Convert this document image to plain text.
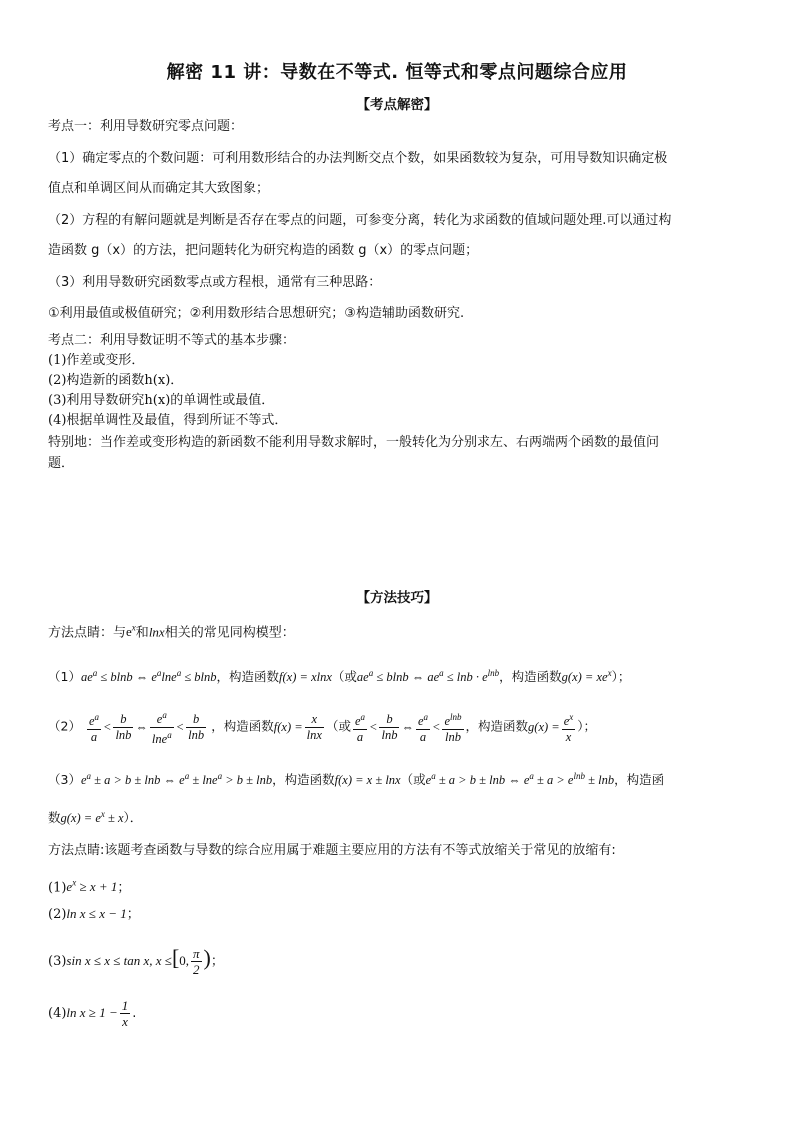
解密 11 讲：导数在不等式. 恒等式和零点问题综合应用
【考点解密】
考点一：利用导数研究零点问题：
（1）确定零点的个数问题：可利用数形结合的办法判断交点个数，如果函数较为复杂，可用导数知识确定极
值点和单调区间从而确定其大致图象；
（2）方程的有解问题就是判断是否存在零点的问题，可参变分离，转化为求函数的值域问题处理.可以通过构
造函数 g（x）的方法，把问题转化为研究构造的函数 g（x）的零点问题；
（3）利用导数研究函数零点或方程根，通常有三种思路：
①利用最值或极值研究；②利用数形结合思想研究；③构造辅助函数研究.
考点二：利用导数证明不等式的基本步骤：
(1)作差或变形．
(2)构造新的函数h(x)．
(3)利用导数研究h(x)的单调性或最值．
(4)根据单调性及最值，得到所证不等式．
特别地：当作差或变形构造的新函数不能利用导数求解时，一般转化为分别求左、右两端两个函数的最值问
题．
【方法技巧】
方法点睛：与$e^x$和lnx相关的常见同构模型：
$(1)ae^a \le blnb$ ⇔ $e^a\ln e^a \le blnb$，构造函数f(x) = xlnx（或$ae^a \le blnb$ ⇔ $ae^a \le \ln b \cdot e^{lnb}$，构造函数$g(x) = xe^x$）；
$(2) \frac{e^a}{a} < \frac{b}{\ln b}$ ⇔ $\frac{e^a}{\ln e^a} < \frac{b}{\ln b}$ ，构造函数$f(x) = \frac{x}{\ln x}$ （或 $\frac{e^a}{a} < \frac{b}{\ln b}$ ⇔ $\frac{e^a}{a} < \frac{e^{lnb}}{\ln b}$ ，构造函数$g(x) = \frac{e^x}{x}$ ）；
$(3)e^a \pm a > b \pm \ln b$ ⇔ $e^a \pm \ln e^a > b \pm \ln b$，构造函数f(x) = x ± lnx（或$e^a \pm a > b \pm \ln b$ ⇔ $e^a \pm a > e^{lnb} \pm \ln b$，构造函
数$g(x) = e^x \pm x$）．
方法点睛:该题考查函数与导数的综合应用属于难题主要应用的方法有不等式放缩关于常见的放缩有:
$(1)e^x \ge x + 1$；
(2)ln x ≤ x − 1；
(3)sin x ≤ x ≤ tan x, x ≤[0, $\frac{\pi}{2}$ )；
(4)ln $x \ge 1 - \frac{1}{x}$ .
